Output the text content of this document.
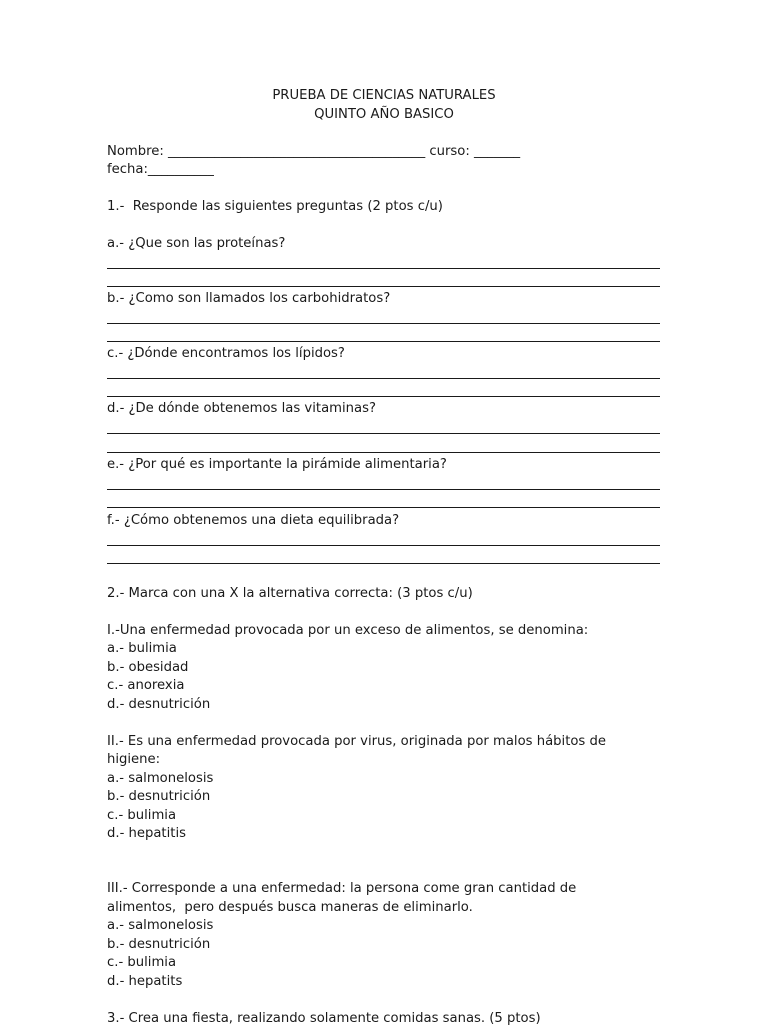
PRUEBA DE CIENCIAS NATURALES
QUINTO AÑO BASICO
Nombre: _______________________________________ curso: _______
fecha:__________
1.-  Responde las siguientes preguntas (2 ptos c/u)
a.- ¿Que son las proteínas?
b.- ¿Como son llamados los carbohidratos?
c.- ¿Dónde encontramos los lípidos?
d.- ¿De dónde obtenemos las vitaminas?
e.- ¿Por qué es importante la pirámide alimentaria?
f.- ¿Cómo obtenemos una dieta equilibrada?
2.- Marca con una X la alternativa correcta: (3 ptos c/u)
I.-Una enfermedad provocada por un exceso de alimentos, se denomina:
a.- bulimia
b.- obesidad
c.- anorexia
d.- desnutrición
II.- Es una enfermedad provocada por virus, originada por malos hábitos de
higiene:
a.- salmonelosis
b.- desnutrición
c.- bulimia
d.- hepatitis
III.- Corresponde a una enfermedad: la persona come gran cantidad de
alimentos,  pero después busca maneras de eliminarlo.
a.- salmonelosis
b.- desnutrición
c.- bulimia
d.- hepatits
3.- Crea una fiesta, realizando solamente comidas sanas. (5 ptos)
